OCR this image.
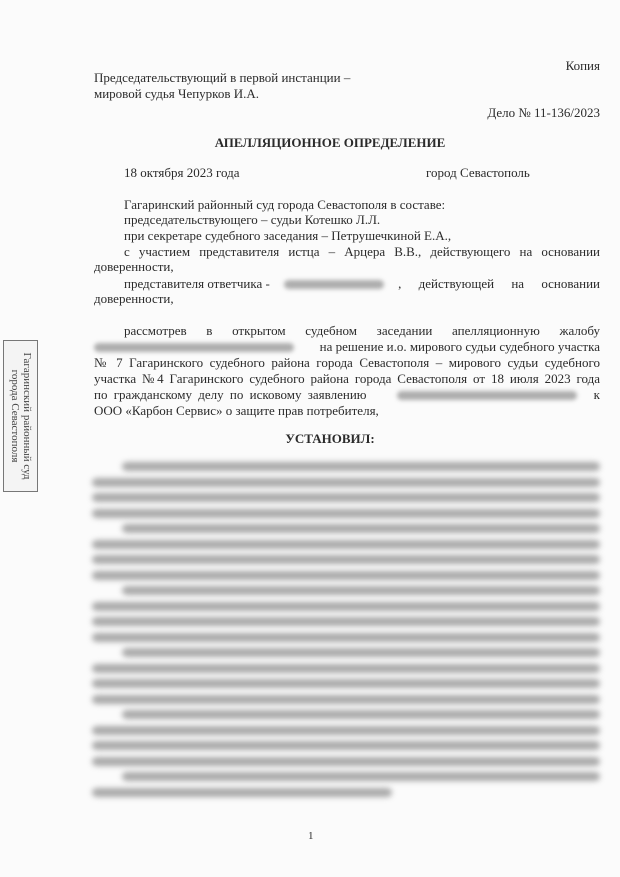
Копия
Председательствующий в первой инстанции –
мировой судья Чепурков И.А.
Дело № 11-136/2023
АПЕЛЛЯЦИОННОЕ ОПРЕДЕЛЕНИЕ
18 октября 2023 года	город Севастополь
Гагаринский районный суд города Севастополя в составе:
председательствующего – судьи Котешко Л.Л.
при секретаре судебного заседания – Петрушечкиной Е.А.,
с участием представителя истца – Арцера В.В., действующего на основании
доверенности,
представителя ответчика -	, действующей на основании
доверенности,
рассмотрев в открытом судебном заседании апелляционную жалобу
на решение и.о. мирового судьи судебного участка
№ 7 Гагаринского судебного района города Севастополя – мирового судьи судебного
участка №4 Гагаринского судебного района города Севастополя от 18 июля 2023 года
по гражданскому делу по исковому заявлению	к
ООО «Карбон Сервис» о защите прав потребителя,
УСТАНОВИЛ:
Гагаринский районный суд
города Севастополя
1
